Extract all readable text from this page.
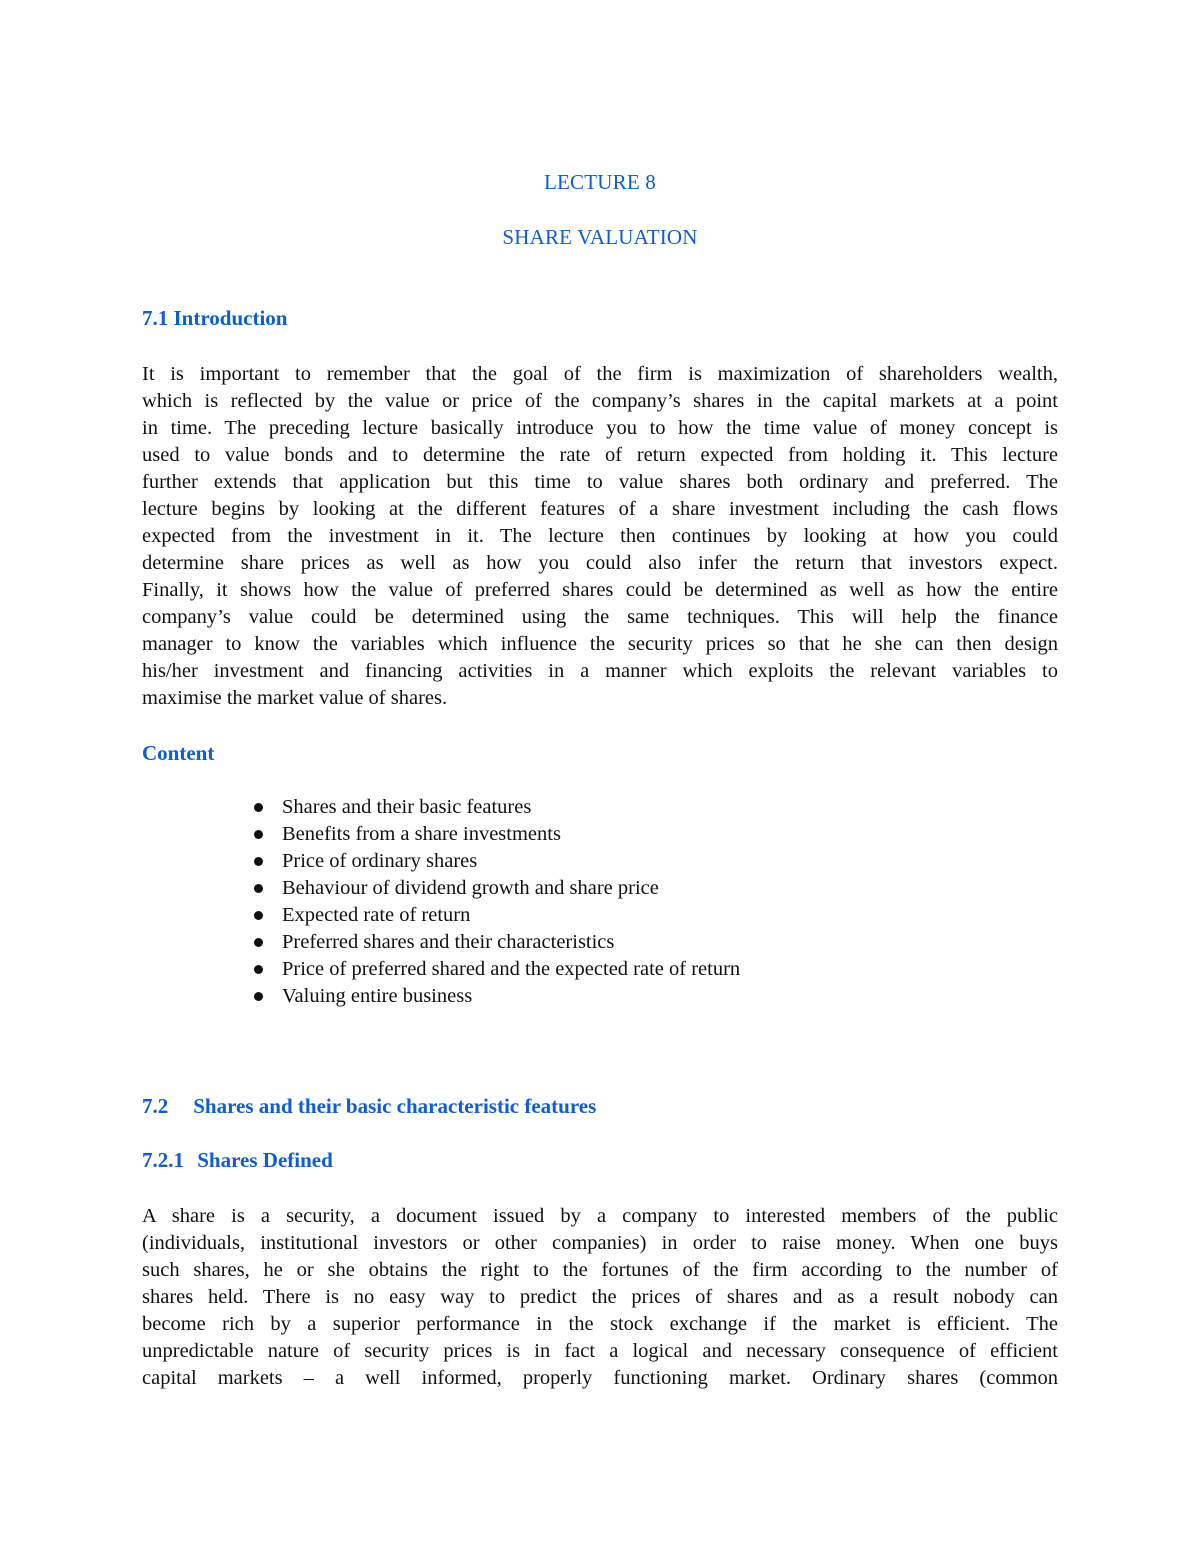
LECTURE 8
SHARE VALUATION
7.1 Introduction
It is important to remember that the goal of the firm is maximization of shareholders wealth,
which is reflected by the value or price of the company’s shares in the capital markets at a point
in time. The preceding lecture basically introduce you to how the time value of money concept is
used to value bonds and to determine the rate of return expected from holding it. This lecture
further extends that application but this time to value shares both ordinary and preferred. The
lecture begins by looking at the different features of a share investment including the cash flows
expected from the investment in it. The lecture then continues by looking at how you could
determine share prices as well as how you could also infer the return that investors expect.
Finally, it shows how the value of preferred shares could be determined as well as how the entire
company’s value could be determined using the same techniques. This will help the finance
manager to know the variables which influence the security prices so that he she can then design
his/her investment and financing activities in a manner which exploits the relevant variables to
maximise the market value of shares.
Content
Shares and their basic features
Benefits from a share investments
Price of ordinary shares
Behaviour of dividend growth and share price
Expected rate of return
Preferred shares and their characteristics
Price of preferred shared and the expected rate of return
Valuing entire business
7.2 Shares and their basic characteristic features
7.2.1 Shares Defined
A share is a security, a document issued by a company to interested members of the public
(individuals, institutional investors or other companies) in order to raise money. When one buys
such shares, he or she obtains the right to the fortunes of the firm according to the number of
shares held. There is no easy way to predict the prices of shares and as a result nobody can
become rich by a superior performance in the stock exchange if the market is efficient. The
unpredictable nature of security prices is in fact a logical and necessary consequence of efficient
capital markets – a well informed, properly functioning market. Ordinary shares (common
